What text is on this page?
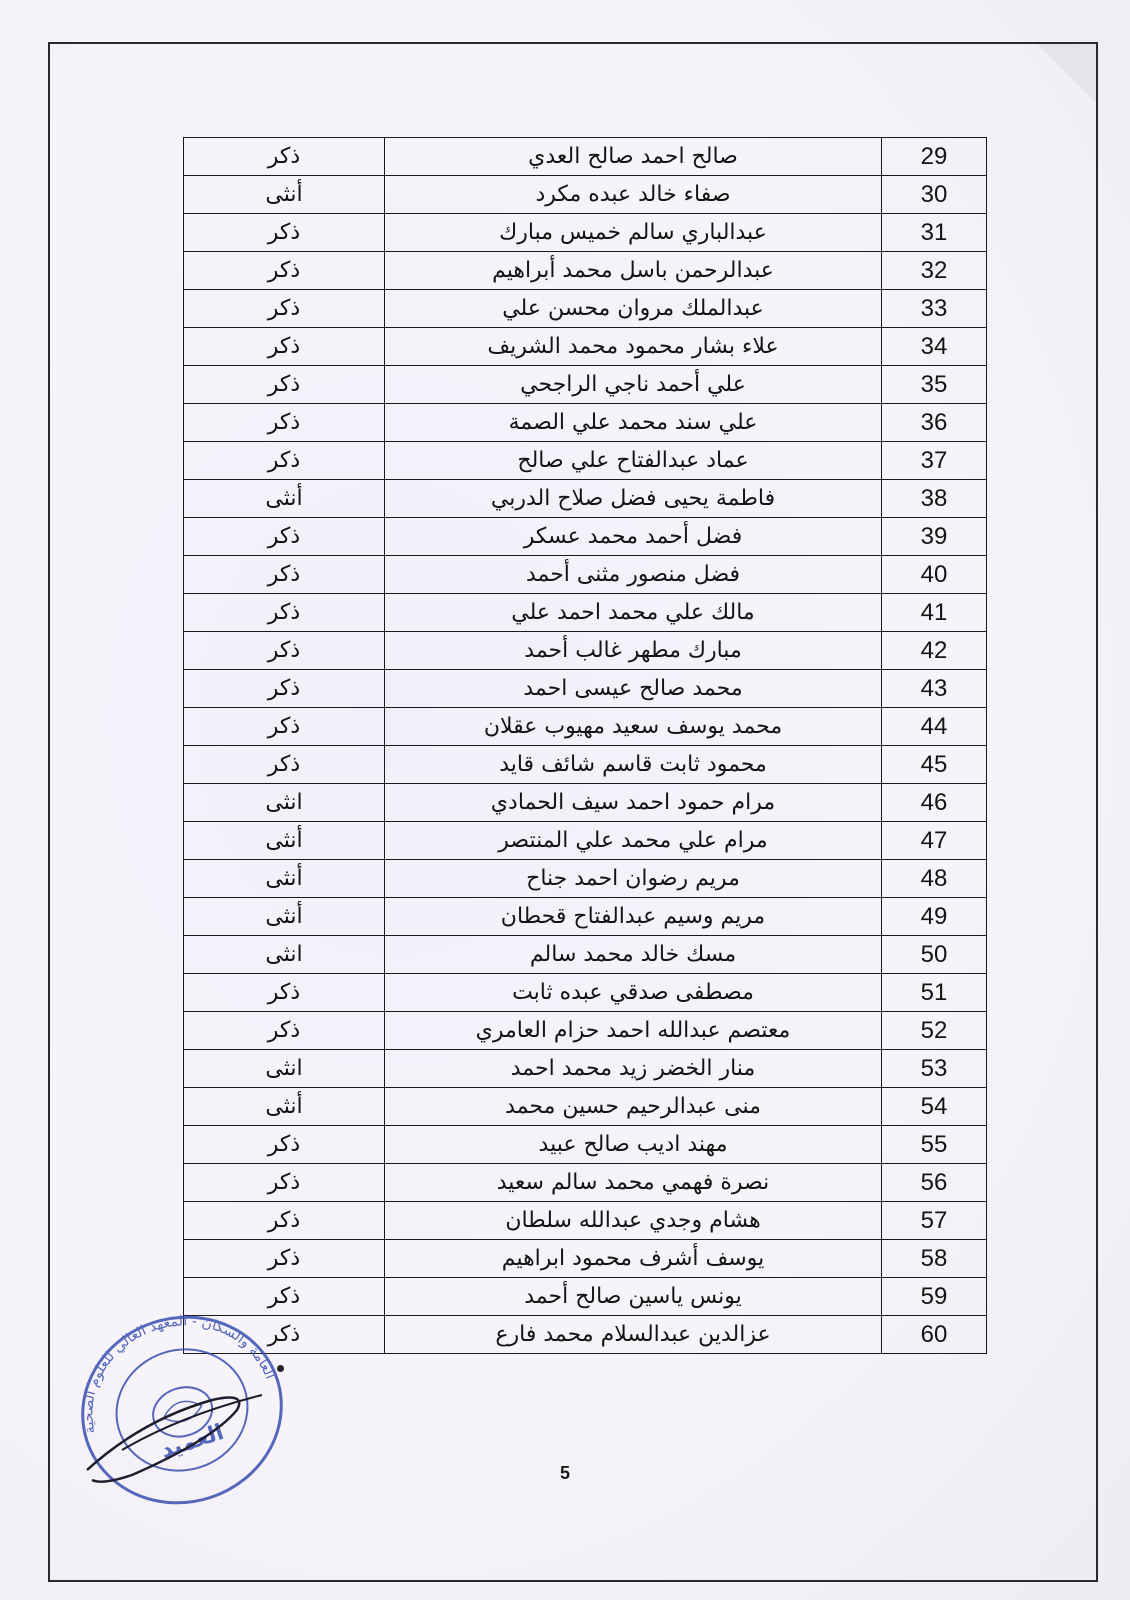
ذكر	صالح احمد صالح العدي	29
أنثى	صفاء خالد عبده مكرد	30
ذكر	عبدالباري سالم خميس مبارك	31
ذكر	عبدالرحمن باسل محمد أبراهيم	32
ذكر	عبدالملك مروان محسن علي	33
ذكر	علاء بشار محمود محمد الشريف	34
ذكر	علي أحمد ناجي الراجحي	35
ذكر	علي سند محمد علي الصمة	36
ذكر	عماد عبدالفتاح علي صالح	37
أنثى	فاطمة يحيى فضل صلاح الدربي	38
ذكر	فضل أحمد محمد عسكر	39
ذكر	فضل منصور مثنى أحمد	40
ذكر	مالك علي محمد احمد علي	41
ذكر	مبارك مطهر غالب أحمد	42
ذكر	محمد صالح عيسى احمد	43
ذكر	محمد يوسف سعيد مهيوب عقلان	44
ذكر	محمود ثابت قاسم شائف قايد	45
انثى	مرام حمود احمد سيف الحمادي	46
أنثى	مرام علي محمد علي المنتصر	47
أنثى	مريم رضوان احمد جناح	48
أنثى	مريم وسيم عبدالفتاح قحطان	49
انثى	مسك خالد محمد سالم	50
ذكر	مصطفى صدقي عبده ثابت	51
ذكر	معتصم عبدالله احمد حزام العامري	52
انثى	منار الخضر زيد محمد احمد	53
أنثى	منى عبدالرحيم حسين محمد	54
ذكر	مهند اديب صالح عبيد	55
ذكر	نصرة فهمي محمد سالم سعيد	56
ذكر	هشام وجدي عبدالله سلطان	57
ذكر	يوسف أشرف محمود ابراهيم	58
ذكر	يونس ياسين صالح أحمد	59
ذكر	عزالدين عبدالسلام محمد فارع	60
العامة والسكان - المعهد العالي للعلوم الصحية
العميد
5
